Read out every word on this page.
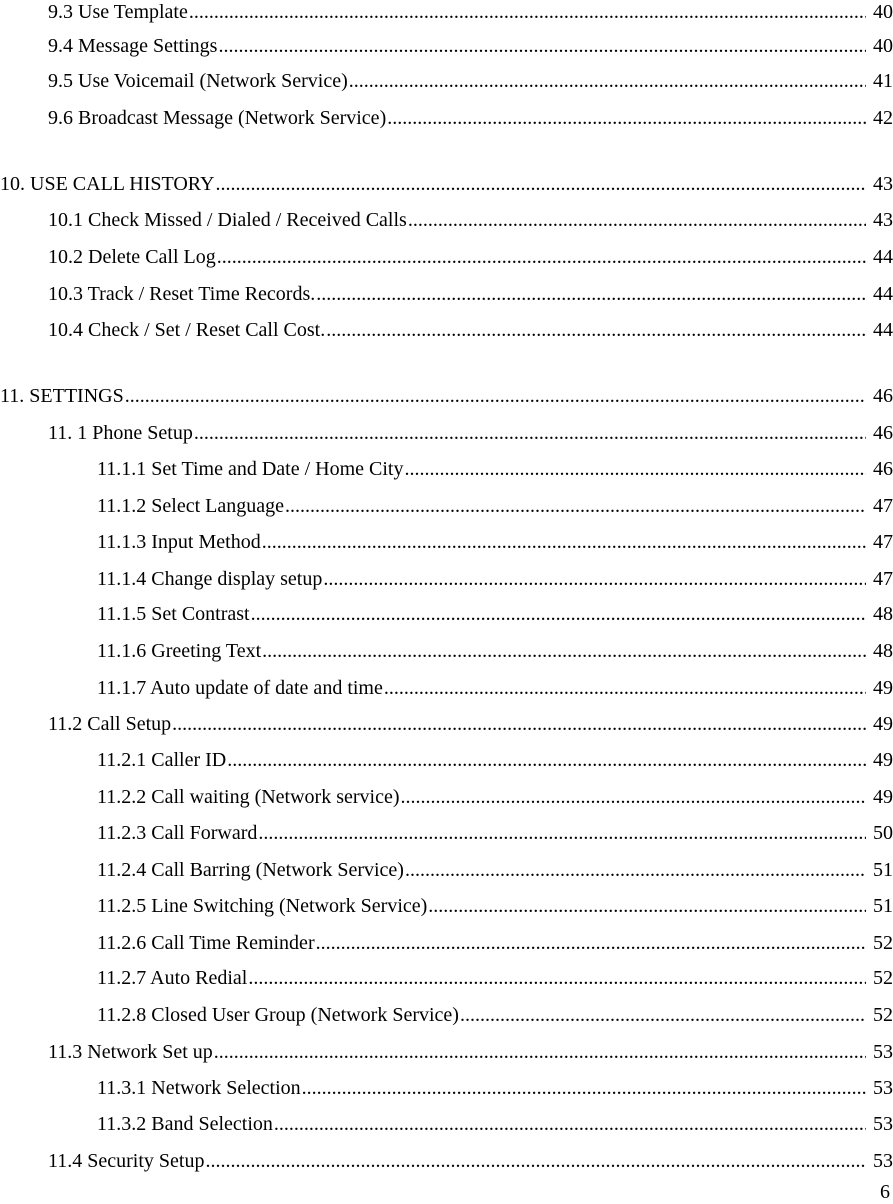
9.3 Use Template .....	40
9.4 Message Settings .....	40
9.5 Use Voicemail (Network Service) .....	41
9.6 Broadcast Message (Network Service) .....	42
10. USE CALL HISTORY .....	43
10.1 Check Missed / Dialed / Received Calls .....	43
10.2 Delete Call Log .....	44
10.3 Track / Reset Time Records. .....	44
10.4 Check / Set / Reset Call Cost. .....	44
11. SETTINGS .....	46
11. 1 Phone Setup .....	46
11.1.1 Set Time and Date / Home City .....	46
11.1.2 Select Language .....	47
11.1.3 Input Method .....	47
11.1.4 Change display setup .....	47
11.1.5 Set Contrast .....	48
11.1.6 Greeting Text .....	48
11.1.7 Auto update of date and time .....	49
11.2 Call Setup .....	49
11.2.1 Caller ID .....	49
11.2.2 Call waiting (Network service) .....	49
11.2.3 Call Forward .....	50
11.2.4 Call Barring (Network Service) .....	51
11.2.5 Line Switching (Network Service) .....	51
11.2.6 Call Time Reminder .....	52
11.2.7 Auto Redial .....	52
11.2.8 Closed User Group (Network Service) .....	52
11.3 Network Set up .....	53
11.3.1 Network Selection .....	53
11.3.2 Band Selection .....	53
11.4 Security Setup .....	53
6
